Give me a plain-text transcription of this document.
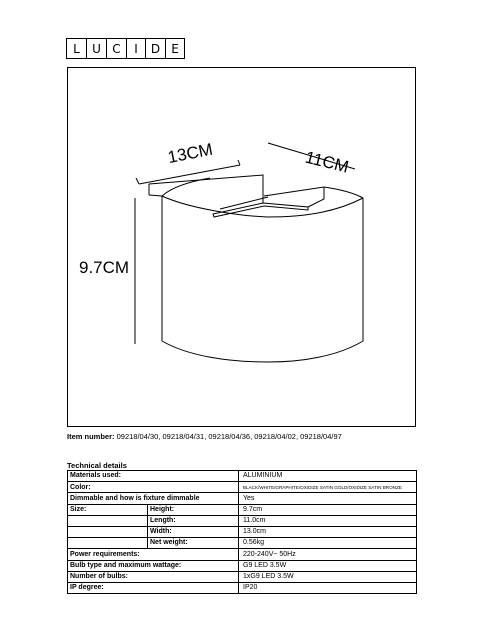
L	U C	I	D E
13CM	11CM
9.7CM
Item number: 09218/04/30, 09218/04/31, 09218/04/36, 09218/04/02, 09218/04/97
Technical details
Materials used:		ALUMINIUM
Color:		BLACK/WHITE/GRAPHITE/OXIDIZE SATIN GOLD/OXIDIZE SATIN BRONZE
Dimmable and how is fixture dimmable		Yes
Size:	Height:	9.7cm
	Length:	11.0cm
	Width:	13.0cm
	Net weight:	0.56kg
Power requirements:		220-240V~ 50Hz
Bulb type and maximum wattage:		G9 LED 3.5W
Number of bulbs:		1xG9 LED 3.5W
IP degree:		IP20
